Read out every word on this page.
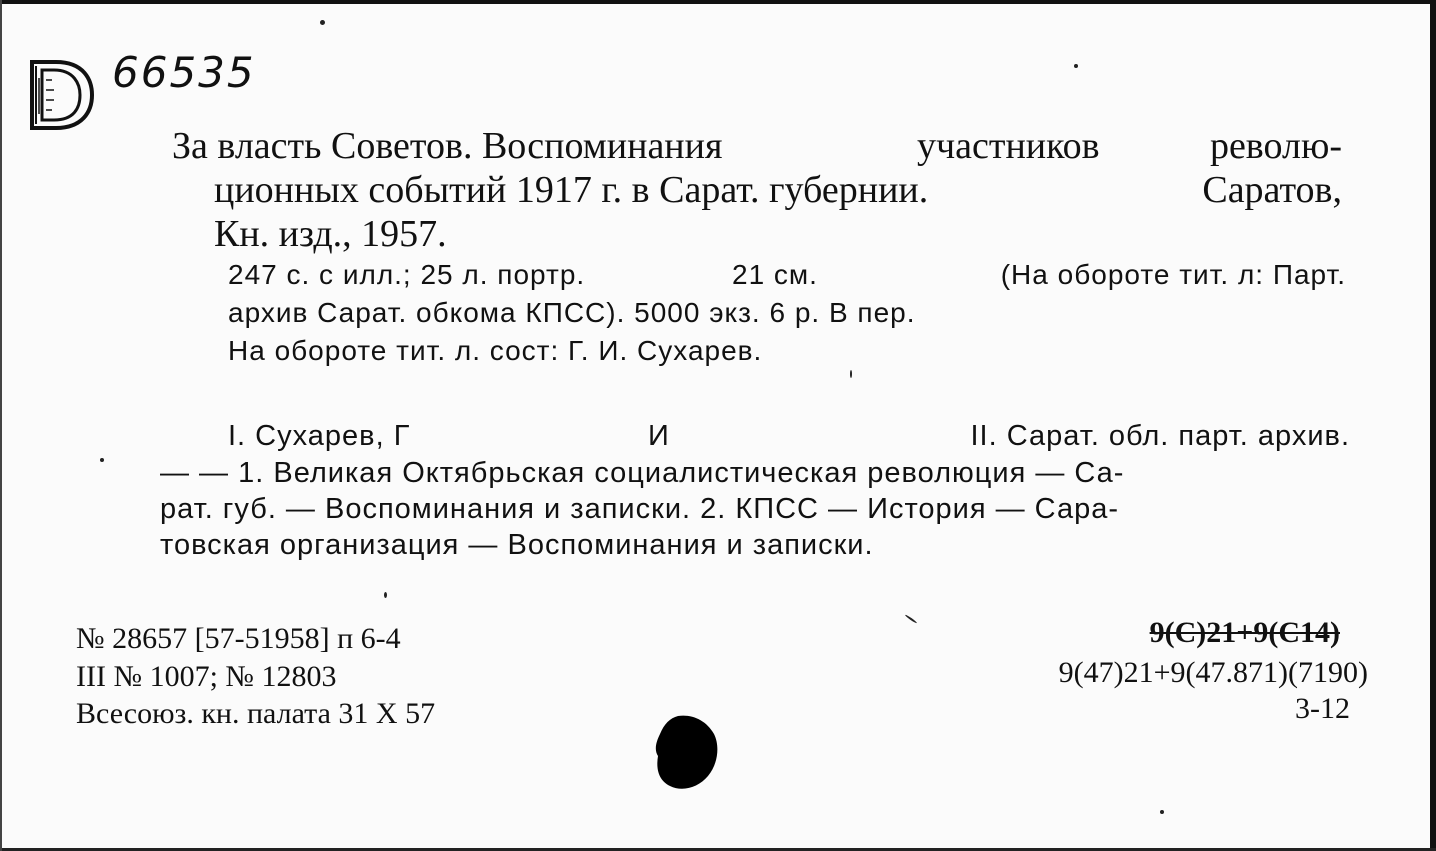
66535
За власть Советов. Воспоминания	участников	револю-
ционных событий 1917 г. в Сарат. губернии.	Саратов,
Кн. изд., 1957.
247 с. с илл.; 25 л. портр.	21 см.	(На обороте тит. л: Парт.
архив Сарат. обкома КПСС). 5000 экз. 6 р. В пер.
На обороте тит. л. сост: Г. И. Сухарев.
I. Сухарев, Г	И	II. Сарат. обл. парт. архив.
— — 1. Великая Октябрьская социалистическая революция — Са-
рат. губ. — Воспоминания и записки. 2. КПСС — История — Сара-
товская организация — Воспоминания и записки.
№ 28657 [57-51958] п 6-4
III № 1007; № 12803
Всесоюз. кн. палата 31 X 57
9(С)21+9(С14)
9(47)21+9(47.871)(7190)
3-12
